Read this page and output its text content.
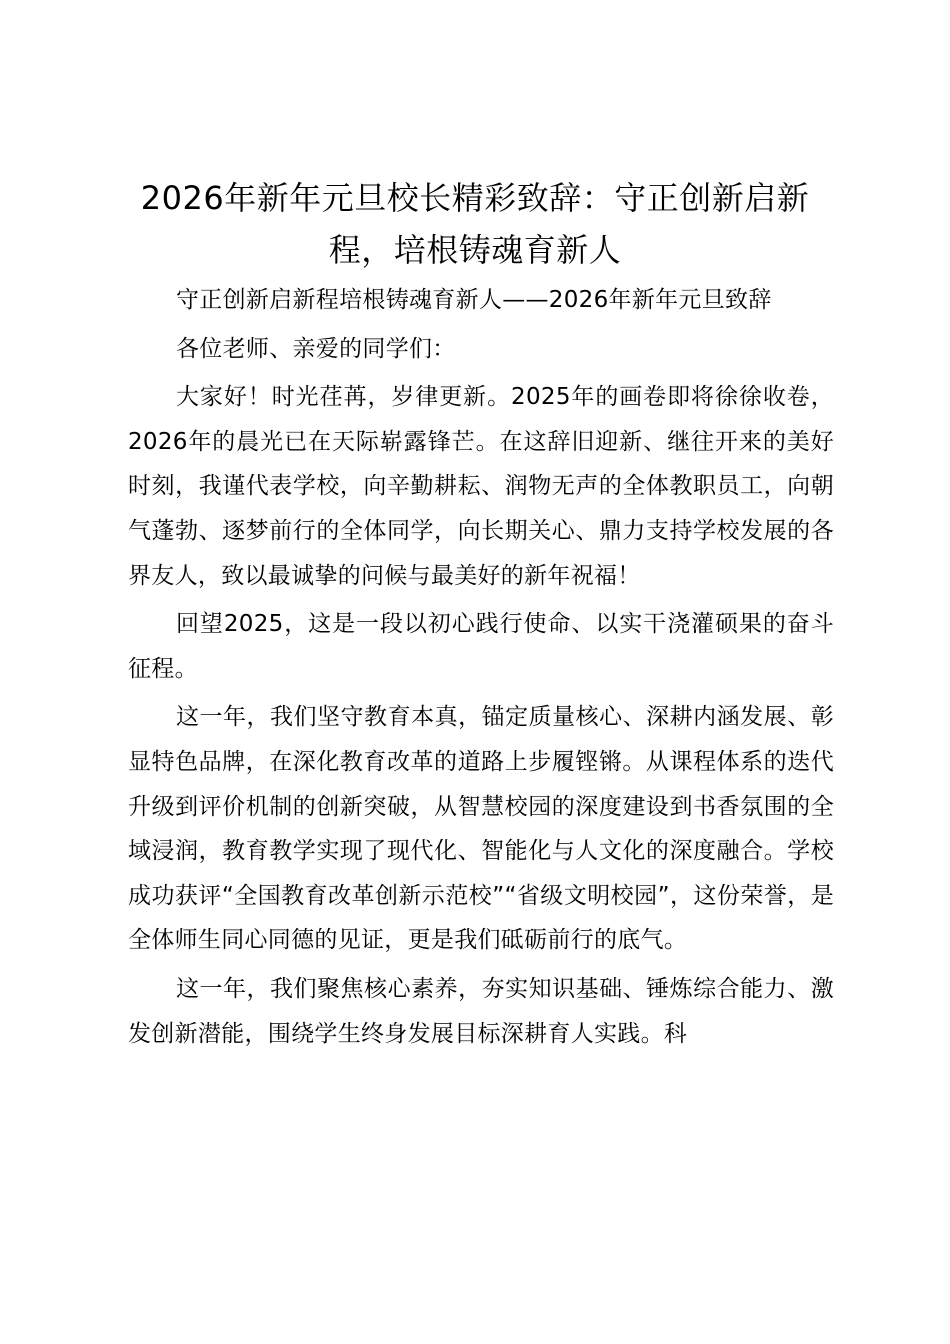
2026年新年元旦校长精彩致辞：守正创新启新程，培根铸魂育新人

守正创新启新程培根铸魂育新人——2026年新年元旦致辞

各位老师、亲爱的同学们：

大家好！时光荏苒，岁律更新。2025年的画卷即将徐徐收卷，2026年的晨光已在天际崭露锋芒。在这辞旧迎新、继往开来的美好时刻，我谨代表学校，向辛勤耕耘、润物无声的全体教职员工，向朝气蓬勃、逐梦前行的全体同学，向长期关心、鼎力支持学校发展的各界友人，致以最诚挚的问候与最美好的新年祝福！

回望2025，这是一段以初心践行使命、以实干浇灌硕果的奋斗征程。

这一年，我们坚守教育本真，锚定质量核心、深耕内涵发展、彰显特色品牌，在深化教育改革的道路上步履铿锵。从课程体系的迭代升级到评价机制的创新突破，从智慧校园的深度建设到书香氛围的全域浸润，教育教学实现了现代化、智能化与人文化的深度融合。学校成功获评“全国教育改革创新示范校”“省级文明校园”，这份荣誉，是全体师生同心同德的见证，更是我们砥砺前行的底气。

这一年，我们聚焦核心素养，夯实知识基础、锤炼综合能力、激发创新潜能，围绕学生终身发展目标深耕育人实践。科
